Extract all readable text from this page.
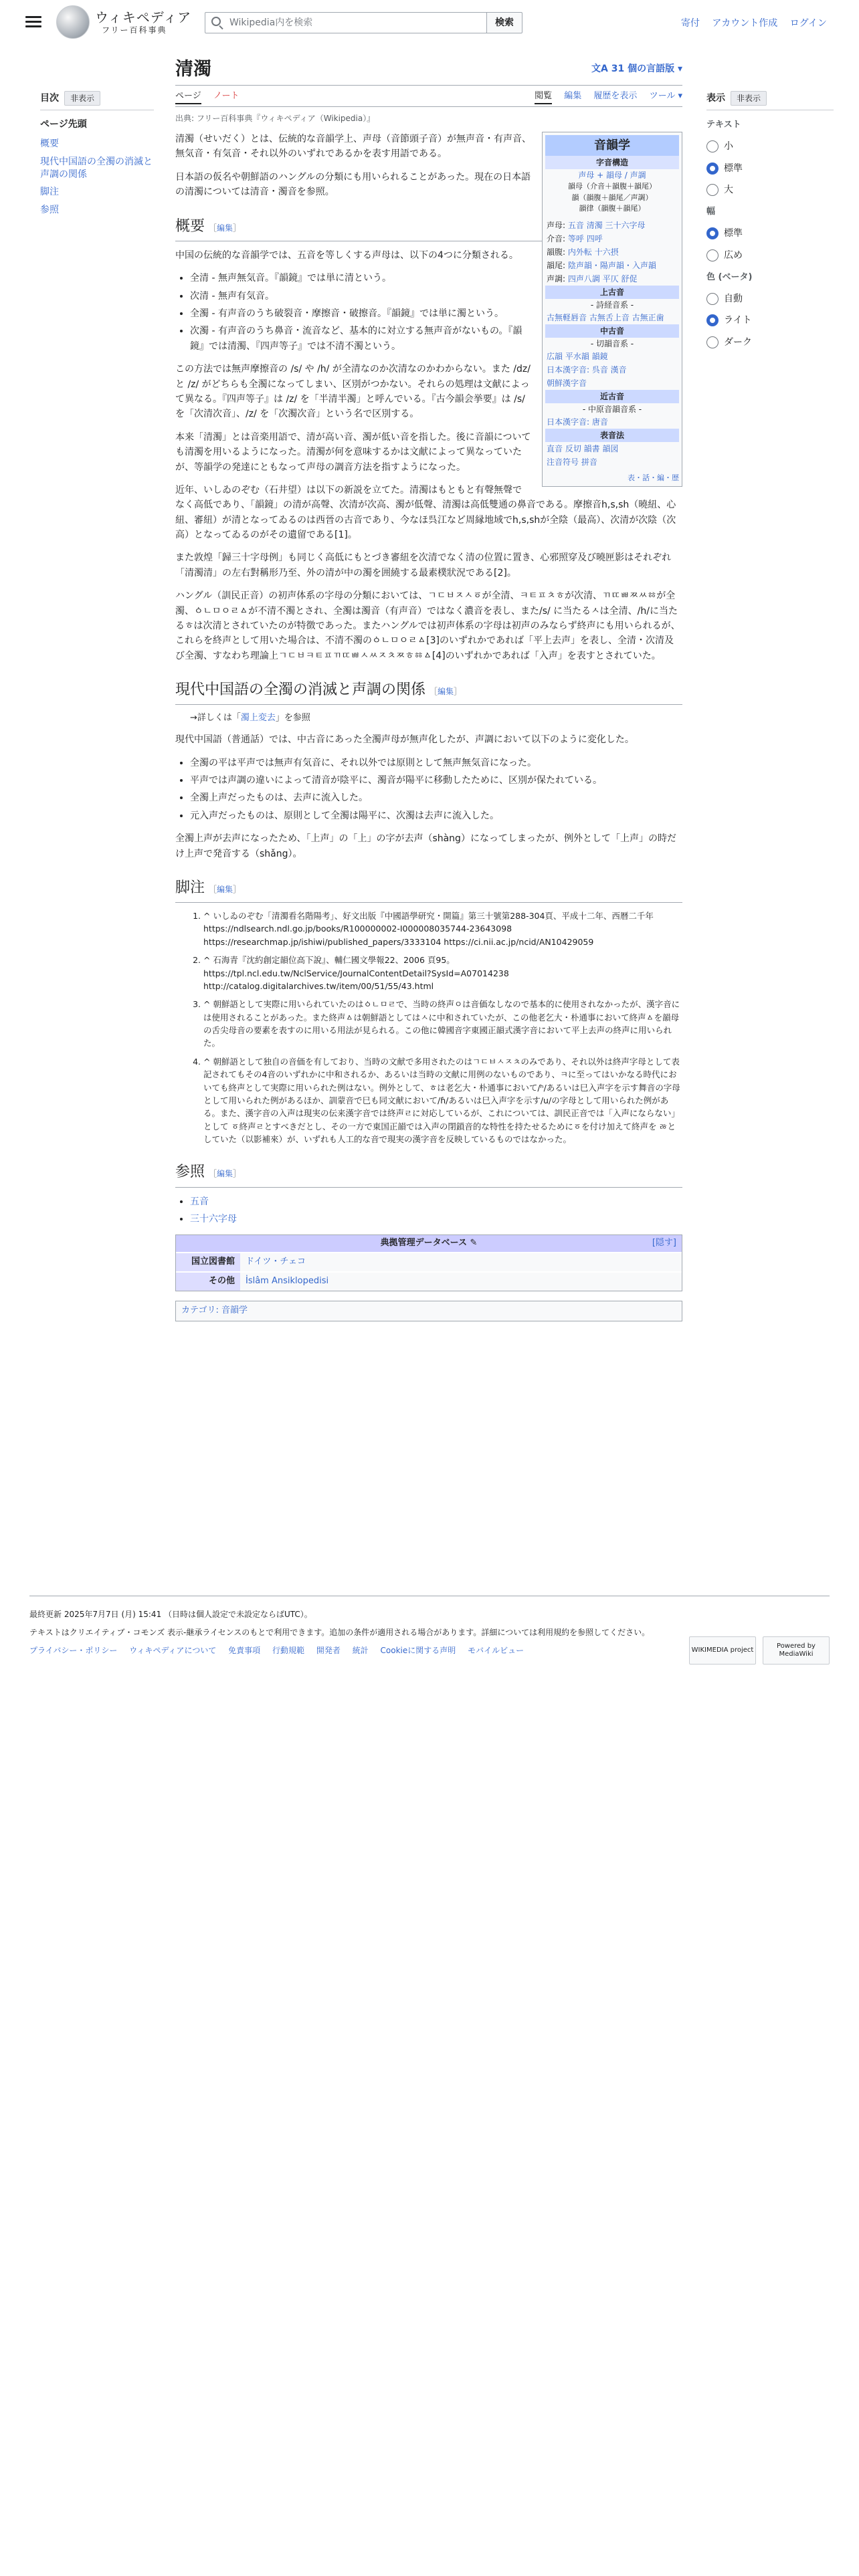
ウィキペディア
フリー百科事典
Wikipedia内を検索	検索	寄付 アカウント作成 ログイン
目次	非表示
ページ先頭
概要
現代中国語の全濁の消滅と声調の関係
脚注
参照
表示	非表示
テキスト
小
標準
大
幅
標準
広め
色 (ベータ)
自動
ライト
ダーク
清濁	文A 31 個の言語版 ▾
ページ ノート	閲覧 編集 履歴を表示 ツール ▾
出典: フリー百科事典『ウィキペディア（Wikipedia）』
音韻学
字音構造
声母 + 韻母 / 声調
韻母（介音＋韻腹＋韻尾）
韻（韻腹＋韻尾／声調）
韻律（韻腹＋韻尾）
声母: 五音 清濁 三十六字母
介音: 等呼 四呼
韻腹: 内外転 十六摂
韻尾: 陰声韻・陽声韻・入声韻
声調: 四声八調 平仄 舒促
上古音
- 詩経音系 -
古無軽唇音 古無舌上音 古無正歯
中古音
- 切韻音系 -
広韻 平水韻 韻鏡
日本漢字音: 呉音 漢音
朝鮮漢字音
近古音
- 中原音韻音系 -
日本漢字音: 唐音
表音法
直音 反切 韻書 韻図
注音符号 拼音
表・話・編・歴

清濁（せいだく）とは、伝統的な音韻学上、声母（音節頭子音）が無声音・有声音、無気音・有気音・それ以外のいずれであるかを表す用語である。

日本語の仮名や朝鮮語のハングルの分類にも用いられることがあった。現在の日本語の清濁については清音・濁音を参照。

概要 ［編集］

中国の伝統的な音韻学では、五音を等しくする声母は、以下の4つに分類される。

• 全清 - 無声無気音。『韻鏡』では単に清という。
• 次清 - 無声有気音。
• 全濁 - 有声音のうち破裂音・摩擦音・破擦音。『韻鏡』では単に濁という。
• 次濁 - 有声音のうち鼻音・流音など、基本的に対立する無声音がないもの。『韻鏡』では清濁、『四声等子』では不清不濁という。

この方法では無声摩擦音の /s/ や /h/ が全清なのか次清なのかわからない。また /dz/ と /z/ がどちらも全濁になってしまい、区別がつかない。それらの処理は文献によって異なる。『四声等子』は /z/ を「半清半濁」と呼んでいる。『古今韻会挙要』は /s/ を「次清次音」、/z/ を「次濁次音」という名で区別する。

本来「清濁」とは音楽用語で、清が高い音、濁が低い音を指した。後に音韻についても清濁を用いるようになった。清濁が何を意味するかは文献によって異なっていたが、等韻学の発達にともなって声母の調音方法を指すようになった。

近年、いしゐのぞむ（石井望）は以下の新説を立てた。清濁はもともと有聲無聲で なく高低であり、「韻鏡」の清が高聲、次清が次高、濁が低聲、清濁は高低雙通の鼻音である。摩擦音h,s,sh（曉紐、心紐、審紐）が清となってゐるのは西晉の古音であり、今なほ呉江など周縁地域でh,s,shが全陰（最高）、次清が次陰（次高）となってゐるのがその遺留である[1]。

また敦煌「歸三十字母例」も同じく高低にもとづき審紐を次清でなく清の位置に置き、心邪照穿及び曉匣影はそれぞれ「清濁清」の左右對稱形乃至、外の清が中の濁を囲繞する最素樸狀況である[2]。

ハングル（訓民正音）の初声体系の字母の分類においては、ㄱㄷㅂㅈㅅㆆが全清、ㅋㅌㅍㅊㅎが次清、ㄲㄸㅃㅉㅆㆅが全濁、ㆁㄴㅁㅇㄹㅿが不清不濁とされ、全濁は濁音（有声音）ではなく濃音を表し、また/s/ に当たるㅅは全清、/h/に当たるㅎは次清とされていたのが特徴であった。またハングルでは初声体系の字母は初声のみならず終声にも用いられるが、これらを終声として用いた場合は、不清不濁のㆁㄴㅁㅇㄹㅿ[3]のいずれかであれば「平上去声」を表し、全清・次清及び全濁、すなわち理論上ㄱㄷㅂㅋㅌㅍㄲㄸㅃㅅㅆㅈㅊㅉㅎㆅㅿ[4]のいずれかであれば「入声」を表すとされていた。

現代中国語の全濁の消滅と声調の関係 ［編集］
→詳しくは「濁上変去」を参照

現代中国語（普通話）では、中古音にあった全濁声母が無声化したが、声調において以下のように変化した。

• 全濁の平は平声では無声有気音に、それ以外では原則として無声無気音になった。
• 平声では声調の違いによって清音が陰平に、濁音が陽平に移動したために、区別が保たれている。
• 全濁上声だったものは、去声に流入した。
• 元入声だったものは、原則として全濁は陽平に、次濁は去声に流入した。

全濁上声が去声になったため、「上声」の「上」の字が去声（shàng）になってしまったが、例外として「上声」の時だけ上声で発音する（shǎng）。

脚注 ［編集］
1. ^ いしゐのぞむ「清濁看名階陽考」、好文出版『中國語學研究・開篇』第三十號第288-304頁、平成十二年、西暦二千年 https://ndlsearch.ndl.go.jp/books/R100000002-I000008035744-23643098 https://researchmap.jp/ishiwi/published_papers/3333104 https://ci.nii.ac.jp/ncid/AN10429059
2. ^ 石海青『沈約創定韻位高下說』、輔仁國文學報22、2006 頁95。 https://tpl.ncl.edu.tw/NclService/JournalContentDetail?SysId=A07014238 http://catalog.digitalarchives.tw/item/00/51/55/43.html
3. ^ 朝鮮語として実際に用いられていたのはㆁㄴㅁㄹで、当時の終声ㅇは音価なしなので基本的に使用されなかったが、漢字音には使用されることがあった。また終声ㅿは朝鮮語としてはㅅに中和されていたが、この他老乞大・朴通事において終声ㅿを韻母の舌尖母音の要素を表すのに用いる用法が見られる。この他に韓國音字東國正韻式漢字音において平上去声の終声に用いられた。
4. ^ 朝鮮語として独自の音価を有しており、当時の文献で多用されたのはㄱㄷㅂㅅㅈㅊのみであり、それ以外は終声字母として表記されてもその4音のいずれかに中和されるか、あるいは当時の文献に用例のないものであり、ㅋに至ってはいかなる時代においても終声として実際に用いられた例はない。例外として、ㅎは老乞大・朴通事において/ʰ/あるいは巳入声字を示す舞音の字母として用いられた例があるほか、訓蒙音で巳も同文献において/ɦ/あるいは巳入声字を示す/u/の字母として用いられた例がある。また、漢字音の入声は現実の伝来漢字音では終声ㄹに対応しているが、これについては、訓民正音では「入声にならない」として ㆆ終声ㄹとすべきだとし、その一方で東国正韻では入声の閉鎖音的な特性を持たせるためにㆆを付け加えて終声を ㅀとしていた（以影補來）が、いずれも人工的な音で現実の漢字音を反映しているものではなかった。
参照 ［編集］
• 五音
• 三十六字母
典拠管理データベース ✎	[隠す]
国立図書館	ドイツ・チェコ
その他	İslâm Ansiklopedisi
カテゴリ: 音韻学

最終更新 2025年7月7日 (月) 15:41 （日時は個人設定で未設定ならばUTC）。

テキストはクリエイティブ・コモンズ 表示-継承ライセンスのもとで利用できます。追加の条件が適用される場合があります。詳細については利用規約を参照してください。

プライバシー・ポリシー ウィキペディアについて 免責事項 行動規範 開発者 統計 Cookieに関する声明 モバイルビュー	WIKIMEDIA project
Powered by MediaWiki
